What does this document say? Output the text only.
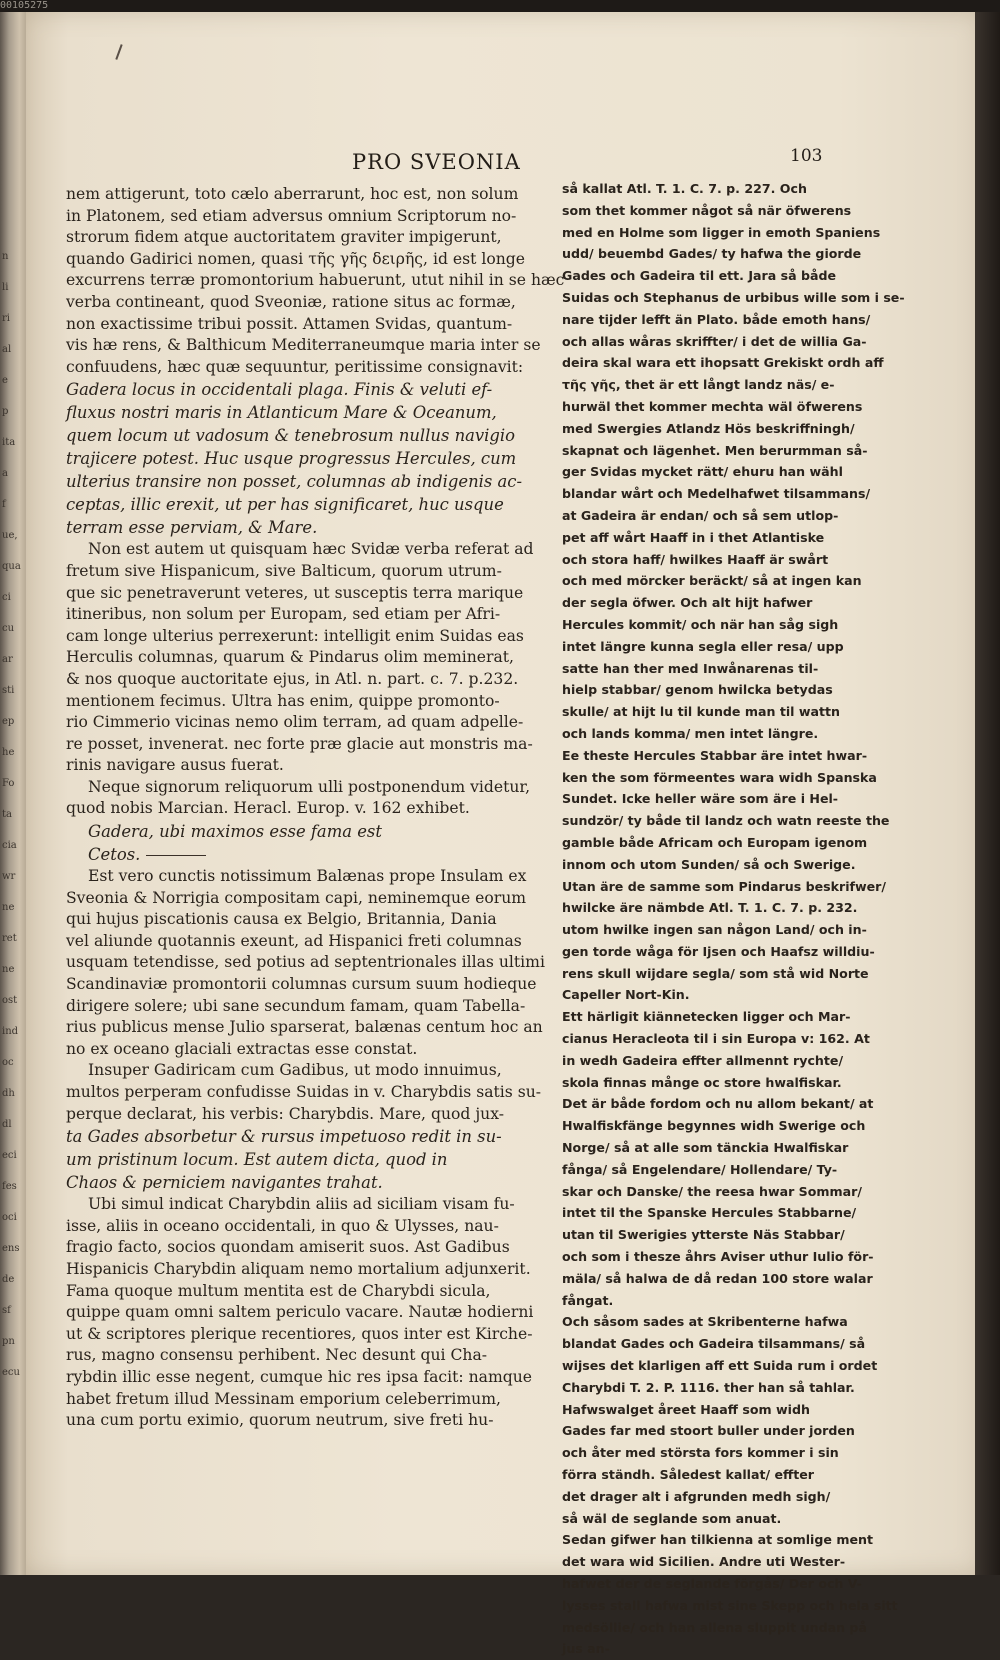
00105275
n
li
ri
al
e
p
ita
a
f
ue,
qua
ci
cu
ar
sti
ep
he
Fo
ta
cia
wr
ne
ret
ne
ost
ind
oc
dh
dl
eci
fes
oci
ens
de
sf
pn
ecu
PRO SVEONIA	103
nem attigerunt, toto cælo aberrarunt, hoc est, non solum
in Platonem, sed etiam adversus omnium Scriptorum no-
strorum fidem atque auctoritatem graviter impigerunt,
quando Gadirici nomen, quasi τῆς γῆς δειρῆς, id est longe
excurrens terræ promontorium habuerunt, utut nihil in se hæc
verba contineant, quod Sveoniæ, ratione situs ac formæ,
non exactissime tribui possit. Attamen Svidas, quantum-
vis hæ rens, & Balthicum Mediterraneumque maria inter se
confuudens, hæc quæ sequuntur, peritissime consignavit:
Gadera locus in occidentali plaga. Finis & veluti ef-
fluxus nostri maris in Atlanticum Mare & Oceanum,
quem locum ut vadosum & tenebrosum nullus navigio
trajicere potest. Huc usque progressus Hercules, cum
ulterius transire non posset, columnas ab indigenis ac-
ceptas, illic erexit, ut per has significaret, huc usque
terram esse perviam, & Mare.
Non est autem ut quisquam hæc Svidæ verba referat ad
fretum sive Hispanicum, sive Balticum, quorum utrum-
que sic penetraverunt veteres, ut susceptis terra marique
itineribus, non solum per Europam, sed etiam per Afri-
cam longe ulterius perrexerunt: intelligit enim Suidas eas
Herculis columnas, quarum & Pindarus olim meminerat,
& nos quoque auctoritate ejus, in Atl. n. part. c. 7. p.232.
mentionem fecimus. Ultra has enim, quippe promonto-
rio Cimmerio vicinas nemo olim terram, ad quam adpelle-
re posset, invenerat. nec forte præ glacie aut monstris ma-
rinis navigare ausus fuerat.
Neque signorum reliquorum ulli postponendum videtur,
quod nobis Marcian. Heracl. Europ. v. 162 exhibet.
Gadera, ubi maximos esse fama est
Cetos.
Est vero cunctis notissimum Balænas prope Insulam ex
Sveonia & Norrigia compositam capi, neminemque eorum
qui hujus piscationis causa ex Belgio, Britannia, Dania
vel aliunde quotannis exeunt, ad Hispanici freti columnas
usquam tetendisse, sed potius ad septentrionales illas ultimi
Scandinaviæ promontorii columnas cursum suum hodieque
dirigere solere; ubi sane secundum famam, quam Tabella-
rius publicus mense Julio sparserat, balænas centum hoc an
no ex oceano glaciali extractas esse constat.
Insuper Gadiricam cum Gadibus, ut modo innuimus,
multos perperam confudisse Suidas in v. Charybdis satis su-
perque declarat, his verbis: Charybdis. Mare, quod jux-
ta Gades absorbetur & rursus impetuoso redit in su-
um pristinum locum. Est autem dicta, quod in
Chaos & perniciem navigantes trahat.
Ubi simul indicat Charybdin aliis ad siciliam visam fu-
isse, aliis in oceano occidentali, in quo & Ulysses, nau-
fragio facto, socios quondam amiserit suos. Ast Gadibus
Hispanicis Charybdin aliquam nemo mortalium adjunxerit.
Fama quoque multum mentita est de Charybdi sicula,
quippe quam omni saltem periculo vacare. Nautæ hodierni
ut & scriptores plerique recentiores, quos inter est Kirche-
rus, magno consensu perhibent. Nec desunt qui Cha-
rybdin illic esse negent, cumque hic res ipsa facit: namque
habet fretum illud Messinam emporium celeberrimum,
una cum portu eximio, quorum neutrum, sive freti hu-
så kallat Atl. T. 1. C. 7. p. 227. Och
som thet kommer något så när öfwerens
med en Holme som ligger in emoth Spaniens
udd/ beuembd Gades/ ty hafwa the giorde
Gades och Gadeira til ett. Jara så både
Suidas och Stephanus de urbibus wille som i se-
nare tijder lefft än Plato. både emoth hans/
och allas wåras skriffter/ i det de willia Ga-
deira skal wara ett ihopsatt Grekiskt ordh aff
τῆς γῆς, thet är ett långt landz näs/ e-
hurwäl thet kommer mechta wäl öfwerens
med Swergies Atlandz Hös beskriffningh/
skapnat och lägenhet. Men berurmman så-
ger Svidas mycket rätt/ ehuru han wähl
blandar wårt och Medelhafwet tilsammans/
at Gadeira är endan/ och så sem utlop-
pet aff wårt Haaff in i thet Atlantiske
och stora haff/ hwilkes Haaff är swårt
och med mörcker beräckt/ så at ingen kan
der segla öfwer. Och alt hijt hafwer
Hercules kommit/ och när han såg sigh
intet längre kunna segla eller resa/ upp
satte han ther med Inwånarenas til-
hielp stabbar/ genom hwilcka betydas
skulle/ at hijt lu til kunde man til wattn
och lands komma/ men intet längre.
Ee theste Hercules Stabbar äre intet hwar-
ken the som förmeentes wara widh Spanska
Sundet. Icke heller wäre som äre i Hel-
sundzör/ ty både til landz och watn reeste the
gamble både Africam och Europam igenom
innom och utom Sunden/ så och Swerige.
Utan äre de samme som Pindarus beskrifwer/
hwilcke äre nämbde Atl. T. 1. C. 7. p. 232.
utom hwilke ingen san någon Land/ och in-
gen torde wåga för Ijsen och Haafsz willdiu-
rens skull wijdare segla/ som stå wid Norte
Capeller Nort-Kin.
Ett härligit kiännetecken ligger och Mar-
cianus Heracleota til i sin Europa v: 162. At
in wedh Gadeira effter allmennt rychte/
skola finnas månge oc store hwalfiskar.
Det är både fordom och nu allom bekant/ at
Hwalfiskfänge begynnes widh Swerige och
Norge/ så at alle som tänckia Hwalfiskar
fånga/ så Engelendare/ Hollendare/ Ty-
skar och Danske/ the reesa hwar Sommar/
intet til the Spanske Hercules Stabbarne/
utan til Swerigies ytterste Näs Stabbar/
och som i thesze åhrs Aviser uthur Iulio för-
mäla/ så halwa de då redan 100 store walar
fångat.
Och såsom sades at Skribenterne hafwa
blandat Gades och Gadeira tilsammans/ så
wijses det klarligen aff ett Suida rum i ordet
Charybdi T. 2. P. 1116. ther han så tahlar.
Hafwswalget åreet Haaff som widh
Gades far med stoort buller under jorden
och åter med största fors kommer i sin
förra ständh. Såledest kallat/ effter
det drager alt i afgrunden medh sigh/
så wäl de seglande som anuat.
Sedan gifwer han tilkienna at somlige ment
det wara wid Sicilien. Andre uti Wester-
hafwet der de seglande förgås/ Der och V-
lysses stall hafwa mist sine Skepp och hela sitt
medsöllie/ och han allena sluppit undan på
jus an-
